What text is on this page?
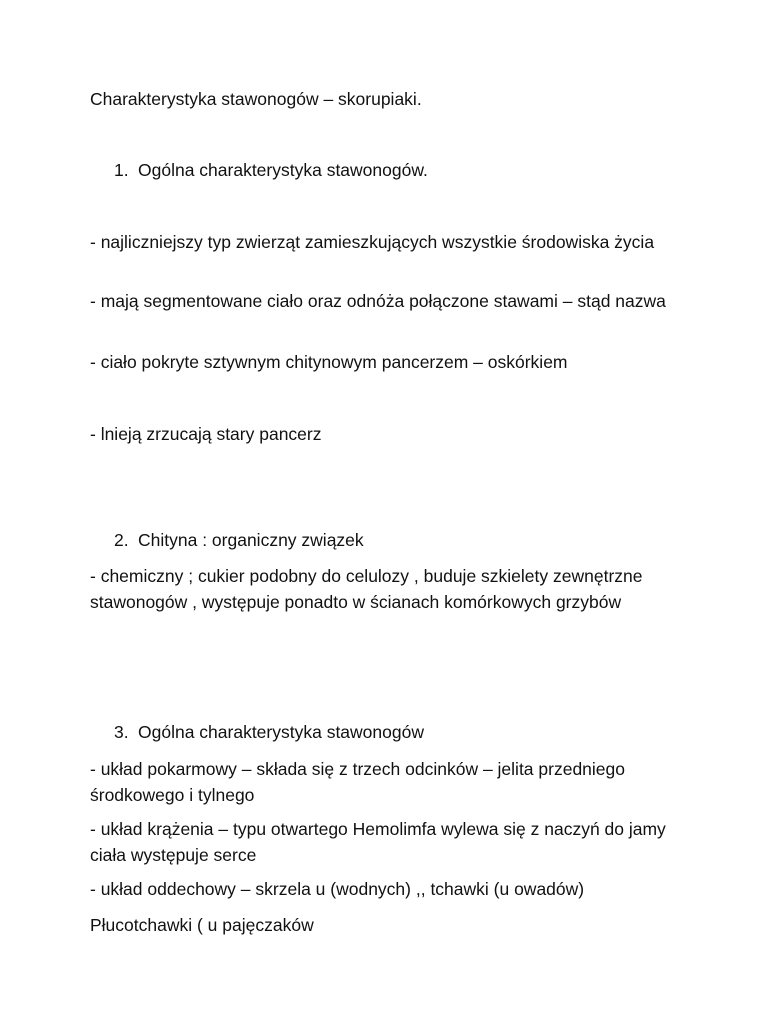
Charakterystyka stawonogów – skorupiaki.

1. Ogólna charakterystyka stawonogów.

- najliczniejszy typ zwierząt zamieszkujących wszystkie środowiska życia

- mają segmentowane ciało oraz odnóża połączone stawami – stąd nazwa

- ciało pokryte sztywnym chitynowym pancerzem – oskórkiem

- lnieją zrzucają stary pancerz

2. Chityna : organiczny związek

- chemiczny ; cukier podobny do celulozy , buduje szkielety zewnętrzne stawonogów , występuje ponadto w ścianach komórkowych grzybów

3. Ogólna charakterystyka stawonogów

- układ pokarmowy – składa się z trzech odcinków – jelita przedniego środkowego i tylnego

- układ krążenia – typu otwartego Hemolimfa wylewa się z naczyń do jamy ciała występuje serce

- układ oddechowy – skrzela u (wodnych) ,, tchawki (u owadów)

Płucotchawki ( u pajęczaków
